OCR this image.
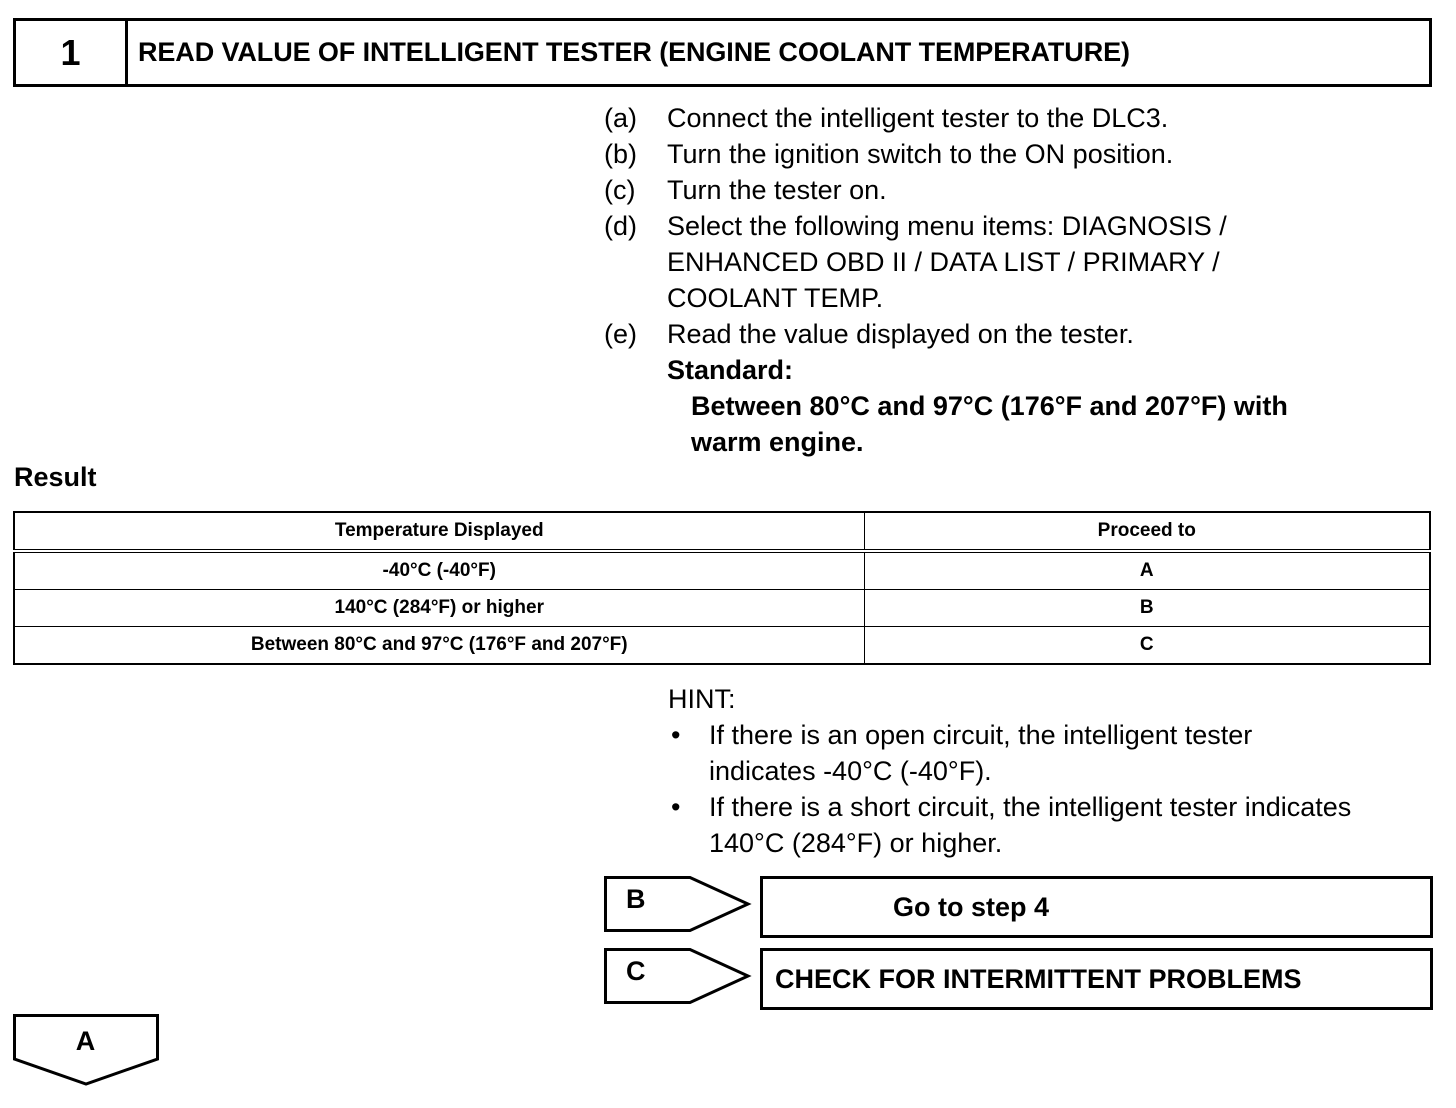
1	READ VALUE OF INTELLIGENT TESTER (ENGINE COOLANT TEMPERATURE)
(a)	Connect the intelligent tester to the DLC3.
(b)	Turn the ignition switch to the ON position.
(c)	Turn the tester on.
(d)	Select the following menu items: DIAGNOSIS /
ENHANCED OBD II / DATA LIST / PRIMARY /
COOLANT TEMP.
(e)	Read the value displayed on the tester.
Standard:
Between 80°C and 97°C (176°F and 207°F) with
warm engine.
Result
Temperature Displayed	Proceed to
-40°C (-40°F)	A
140°C (284°F) or higher	B
Between 80°C and 97°C (176°F and 207°F)	C
HINT:
•	If there is an open circuit, the intelligent tester
indicates -40°C (-40°F).
•	If there is a short circuit, the intelligent tester indicates
140°C (284°F) or higher.
B	Go to step 4
C	CHECK FOR INTERMITTENT PROBLEMS
A
